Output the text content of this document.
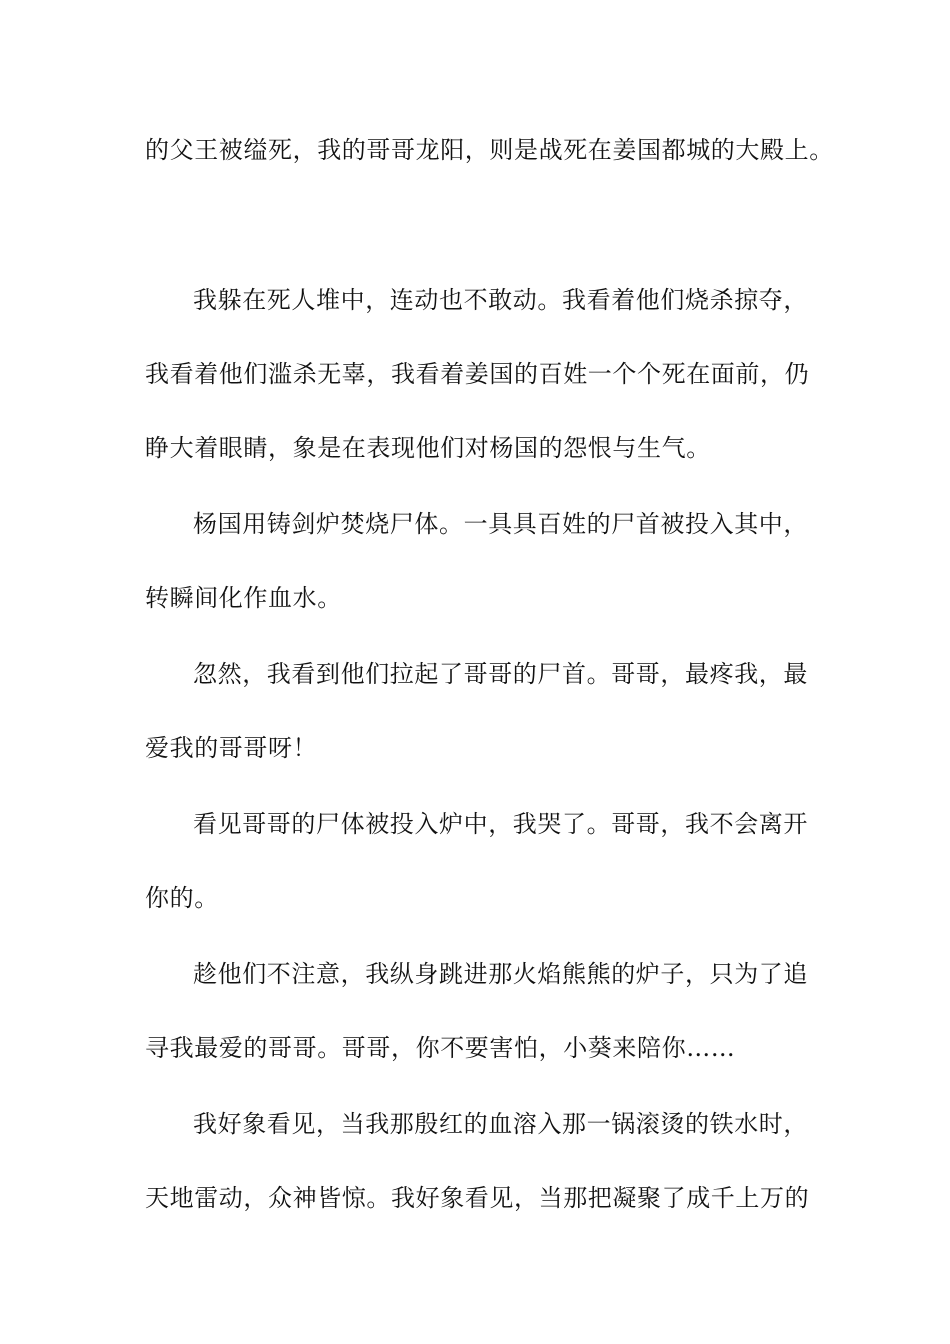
的父王被缢死，我的哥哥龙阳，则是战死在姜国都城的大殿上。
我躲在死人堆中，连动也不敢动。我看着他们烧杀掠夺，
我看着他们滥杀无辜，我看着姜国的百姓一个个死在面前，仍
睁大着眼睛，象是在表现他们对杨国的怨恨与生气。
杨国用铸剑炉焚烧尸体。一具具百姓的尸首被投入其中，
转瞬间化作血水。
忽然，我看到他们拉起了哥哥的尸首。哥哥，最疼我，最
爱我的哥哥呀！
看见哥哥的尸体被投入炉中，我哭了。哥哥，我不会离开
你的。
趁他们不注意，我纵身跳进那火焰熊熊的炉子，只为了追
寻我最爱的哥哥。哥哥，你不要害怕，小葵来陪你……
我好象看见，当我那殷红的血溶入那一锅滚烫的铁水时，
天地雷动，众神皆惊。我好象看见，当那把凝聚了成千上万的
